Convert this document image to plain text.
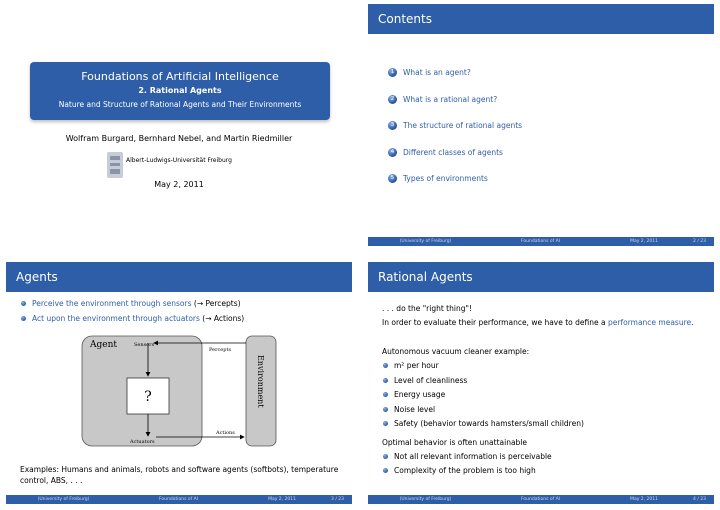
Foundations of Artificial Intelligence
2. Rational Agents
Nature and Structure of Rational Agents and Their Environments
Wolfram Burgard, Bernhard Nebel, and Martin Riedmiller
Albert-Ludwigs-Universität Freiburg
May 2, 2011
Contents
1	What is an agent?
2	What is a rational agent?
3	The structure of rational agents
4	Different classes of agents
5	Types of environments
(University of Freiburg)	Foundations of AI	May 2, 2011	2 / 23
Agents
Perceive the environment through sensors (→ Percepts)
Act upon the environment through actuators (→ Actions)
Agent	Sensors
Percepts
?
Actions
Actuators
Environment
Examples: Humans and animals, robots and software agents (softbots), temperature control, ABS, . . .
(University of Freiburg)	Foundations of AI	May 2, 2011	3 / 23
Rational Agents

. . . do the "right thing"!

In order to evaluate their performance, we have to define a performance measure.

Autonomous vacuum cleaner example:

m² per hour
Level of cleanliness
Energy usage
Noise level
Safety (behavior towards hamsters/small children)

Optimal behavior is often unattainable

Not all relevant information is perceivable
Complexity of the problem is too high
(University of Freiburg)	Foundations of AI	May 2, 2011	4 / 23
